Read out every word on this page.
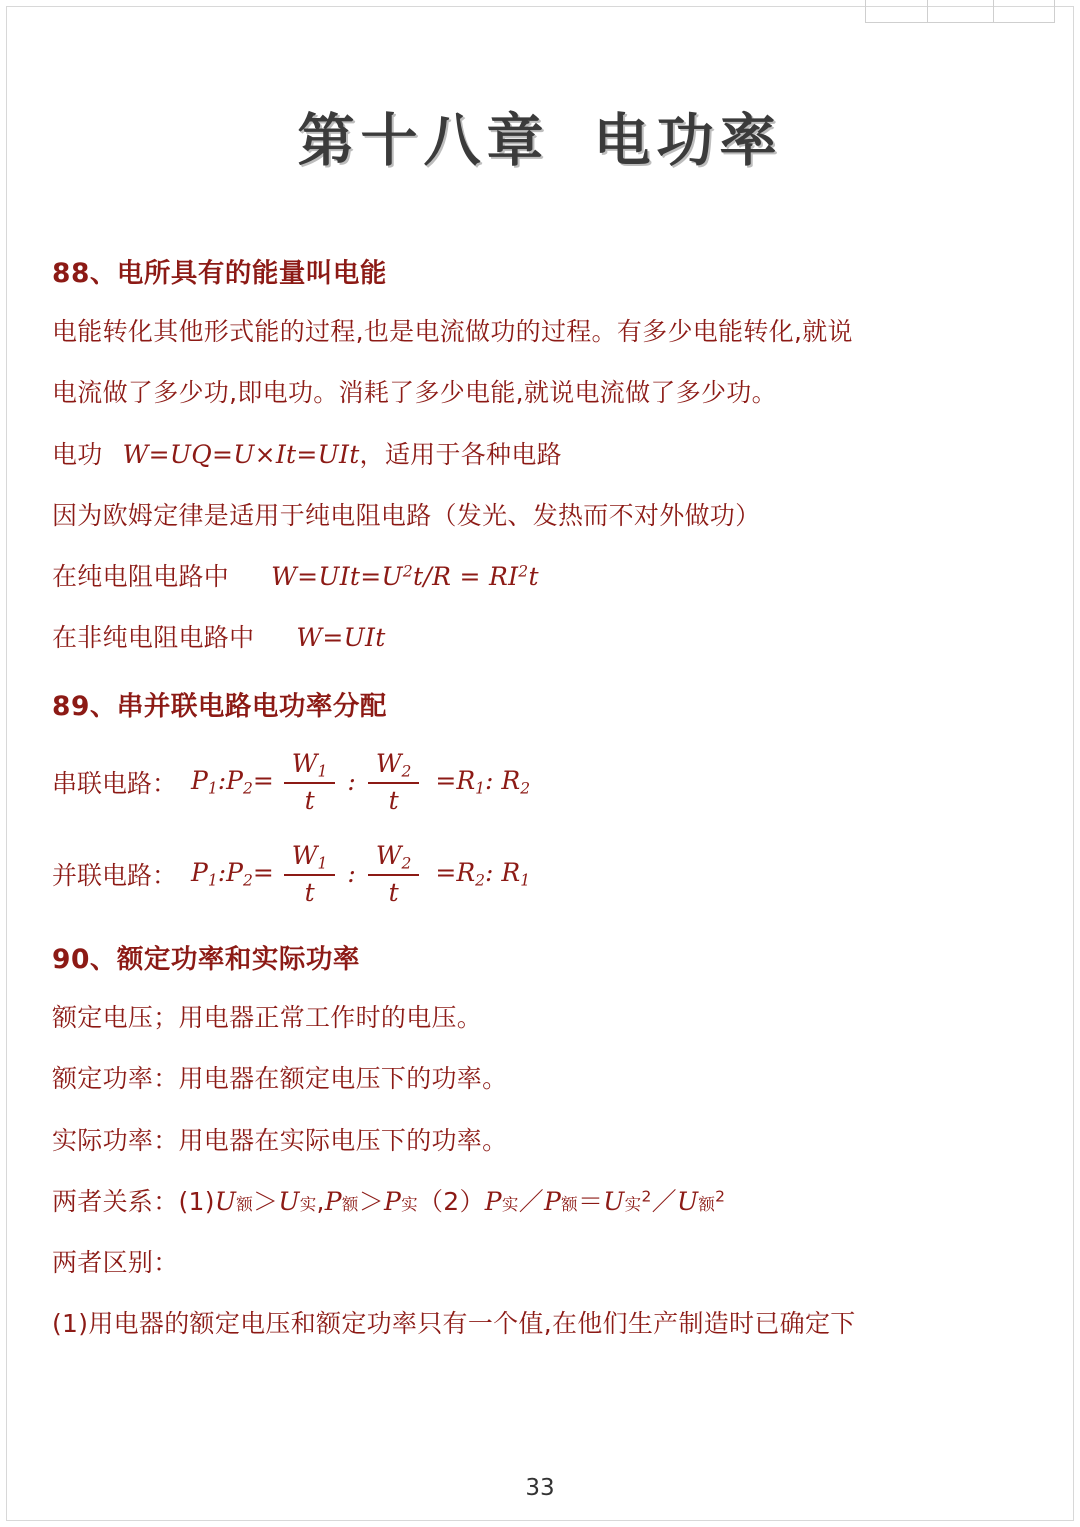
第十八章 电功率
88、电所具有的能量叫电能

电能转化其他形式能的过程,也是电流做功的过程。有多少电能转化,就说

电流做了多少功,即电功。消耗了多少电能,就说电流做了多少功。

电功 W=UQ=U×It=UIt，适用于各种电路

因为欧姆定律是适用于纯电阻电路（发光、发热而不对外做功）

在纯电阻电路中 $W=UIt=U^2t/R = RI^2t$

在非纯电阻电路中 W=UIt

89、串并联电路电功率分配
串联电路： $P_1:P_2= \frac{W_1}{t}$ : $\frac{W_2}{t} =R_1$: $R_2$
并联电路： $P_1:P_2= \frac{W_1}{t}$ : $\frac{W_2}{t} =R_2$: $R_1$
90、额定功率和实际功率

额定电压；用电器正常工作时的电压。

额定功率：用电器在额定电压下的功率。

实际功率：用电器在实际电压下的功率。

两者关系：(1)U额＞U实,P额＞P实（2）P实／P额＝U实$^2$／U额$^2$

两者区别：

(1)用电器的额定电压和额定功率只有一个值,在他们生产制造时已确定下

33
